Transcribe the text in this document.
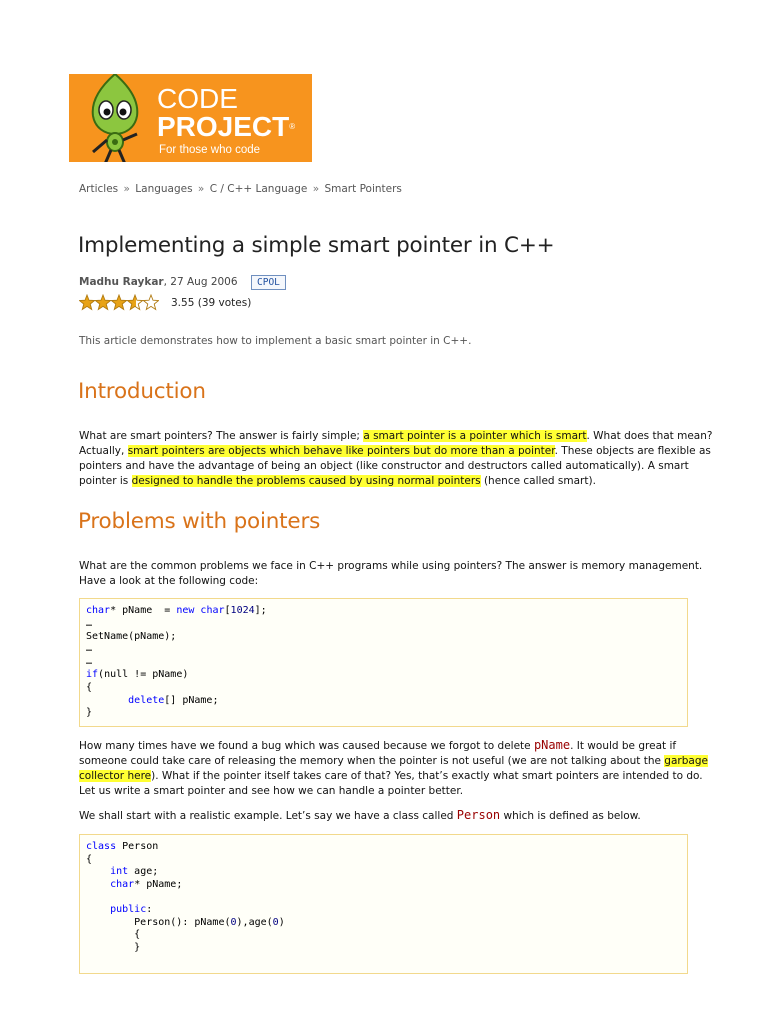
CODE
PROJECT®
For those who code
Articles » Languages » C / C++ Language » Smart Pointers
Implementing a simple smart pointer in C++
Madhu Raykar, 27 Aug 2006	CPOL
3.55 (39 votes)

This article demonstrates how to implement a basic smart pointer in C++.

Introduction
What are smart pointers? The answer is fairly simple; a smart pointer is a pointer which is smart. What does that mean?
Actually, smart pointers are objects which behave like pointers but do more than a pointer. These objects are flexible as
pointers and have the advantage of being an object (like constructor and destructors called automatically). A smart
pointer is designed to handle the problems caused by using normal pointers (hence called smart).
Problems with pointers
What are the common problems we face in C++ programs while using pointers? The answer is memory management.
Have a look at the following code:
char* pName  = new char[1024];
…
SetName(pName);
…
…
if(null != pName)
{
delete[] pName;
}
How many times have we found a bug which was caused because we forgot to delete pName. It would be great if
someone could take care of releasing the memory when the pointer is not useful (we are not talking about the garbage
collector here). What if the pointer itself takes care of that? Yes, that’s exactly what smart pointers are intended to do.
Let us write a smart pointer and see how we can handle a pointer better.
We shall start with a realistic example. Let’s say we have a class called Person which is defined as below.
class Person
{
int age;
char* pName;
public:
Person(): pName(0),age(0)
{
}
